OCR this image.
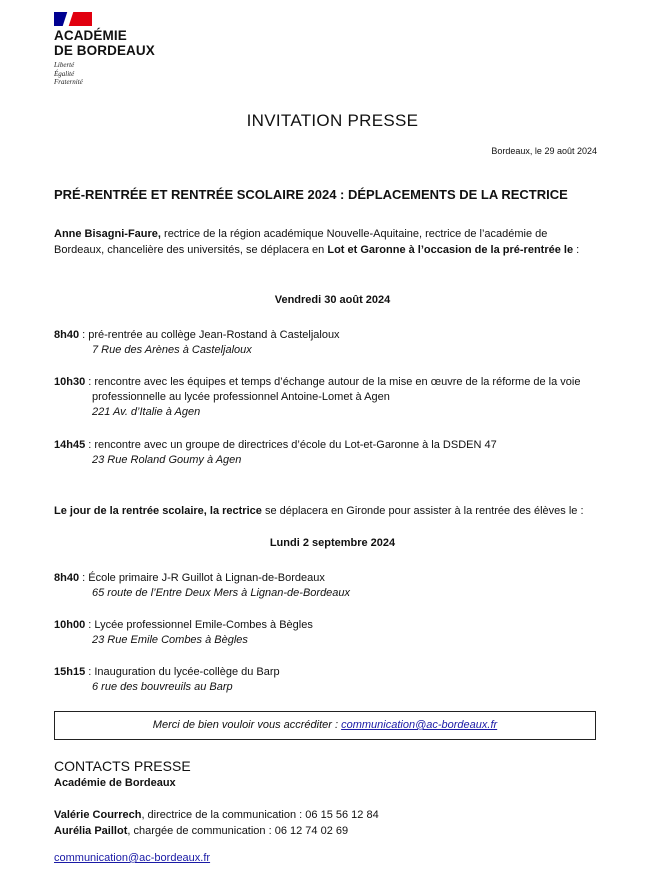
ACADÉMIE
DE BORDEAUX
Liberté
Égalité
Fraternité
INVITATION PRESSE
Bordeaux, le 29 août 2024
PRÉ-RENTRÉE ET RENTRÉE SCOLAIRE 2024 : DÉPLACEMENTS DE LA RECTRICE
Anne Bisagni-Faure, rectrice de la région académique Nouvelle-Aquitaine, rectrice de l’académie de Bordeaux, chancelière des universités, se déplacera en Lot et Garonne à l’occasion de la pré-rentrée le :
Vendredi 30 août 2024
8h40 : pré-rentrée au collège Jean-Rostand à Casteljaloux
7 Rue des Arènes à Casteljaloux
10h30 : rencontre avec les équipes et temps d’échange autour de la mise en œuvre de la réforme de la voie professionnelle au lycée professionnel Antoine-Lomet à Agen
221 Av. d’Italie à Agen
14h45 : rencontre avec un groupe de directrices d’école du Lot-et-Garonne à la DSDEN 47
23 Rue Roland Goumy à Agen
Le jour de la rentrée scolaire, la rectrice se déplacera en Gironde pour assister à la rentrée des élèves le :
Lundi 2 septembre 2024
8h40 : École primaire J-R Guillot à Lignan-de-Bordeaux
65 route de l’Entre Deux Mers à Lignan-de-Bordeaux
10h00 : Lycée professionnel Emile-Combes à Bègles
23 Rue Emile Combes à Bègles
15h15 : Inauguration du lycée-collège du Barp
6 rue des bouvreuils au Barp
Merci de bien vouloir vous accréditer : communication@ac-bordeaux.fr
CONTACTS PRESSE
Académie de Bordeaux
Valérie Courrech, directrice de la communication : 06 15 56 12 84
Aurélia Paillot, chargée de communication : 06 12 74 02 69
communication@ac-bordeaux.fr
